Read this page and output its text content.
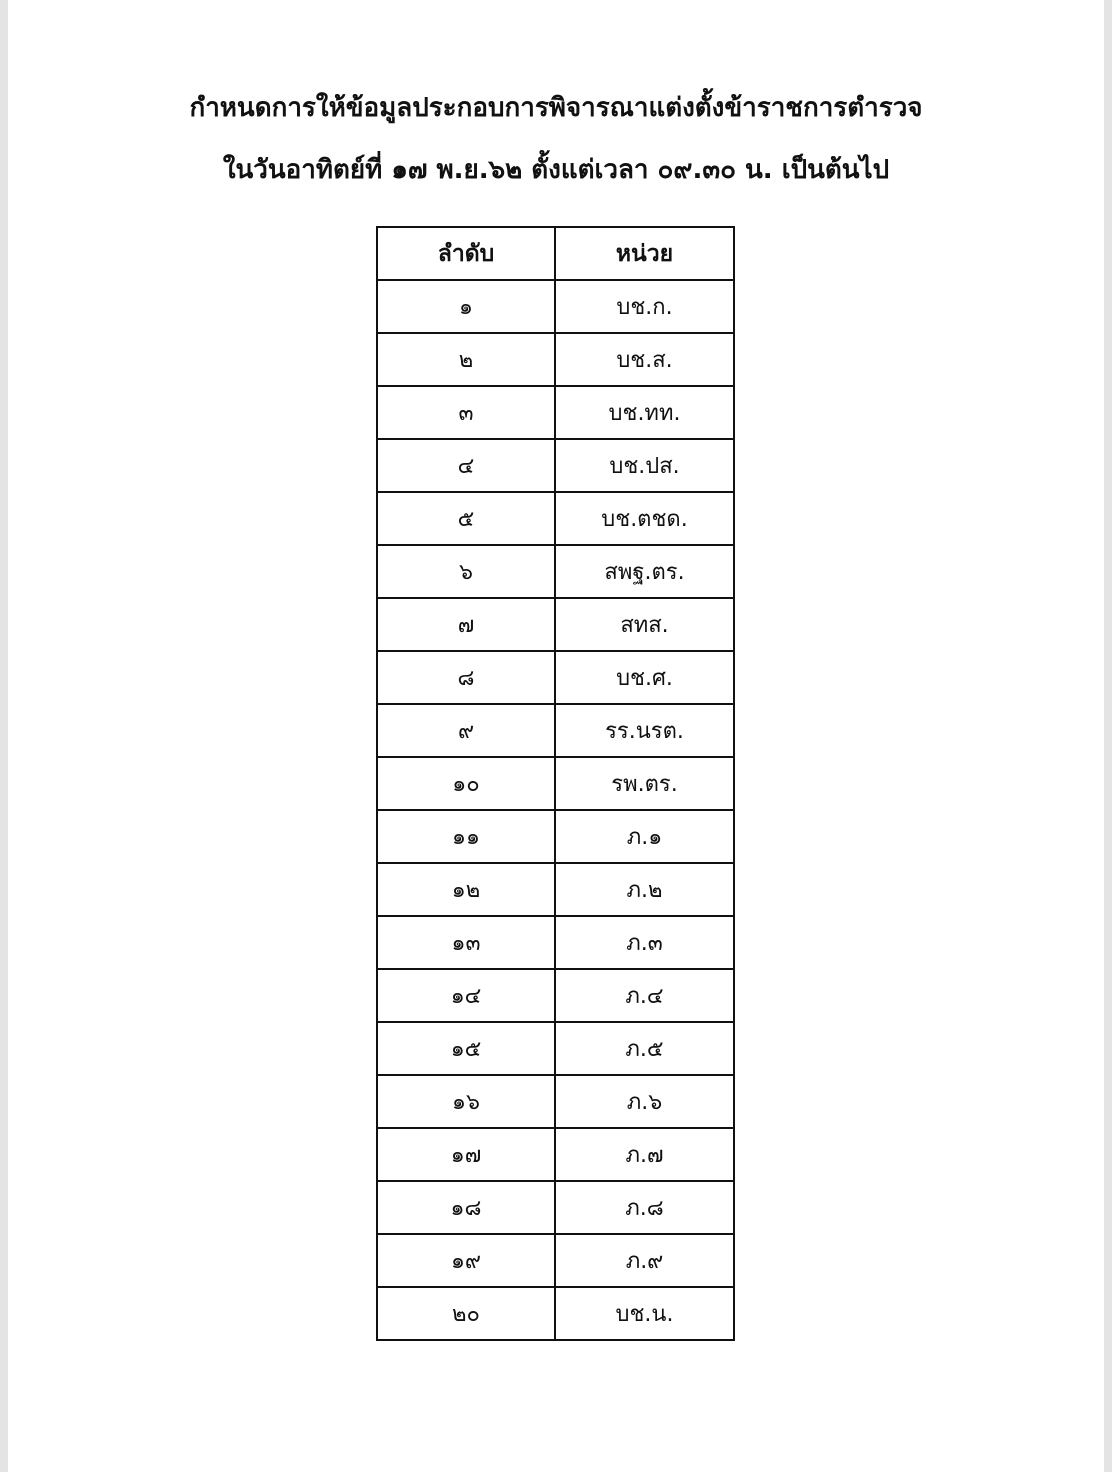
กำหนดการให้ข้อมูลประกอบการพิจารณาแต่งตั้งข้าราชการตำรวจ
ในวันอาทิตย์ที่ ๑๗ พ.ย.๖๒ ตั้งแต่เวลา ๐๙.๓๐ น. เป็นต้นไป
ลำดับ	หน่วย
๑	บช.ก.
๒	บช.ส.
๓	บช.ทท.
๔	บช.ปส.
๕	บช.ตชด.
๖	สพฐ.ตร.
๗	สทส.
๘	บช.ศ.
๙	รร.นรต.
๑๐	รพ.ตร.
๑๑	ภ.๑
๑๒	ภ.๒
๑๓	ภ.๓
๑๔	ภ.๔
๑๕	ภ.๕
๑๖	ภ.๖
๑๗	ภ.๗
๑๘	ภ.๘
๑๙	ภ.๙
๒๐	บช.น.
